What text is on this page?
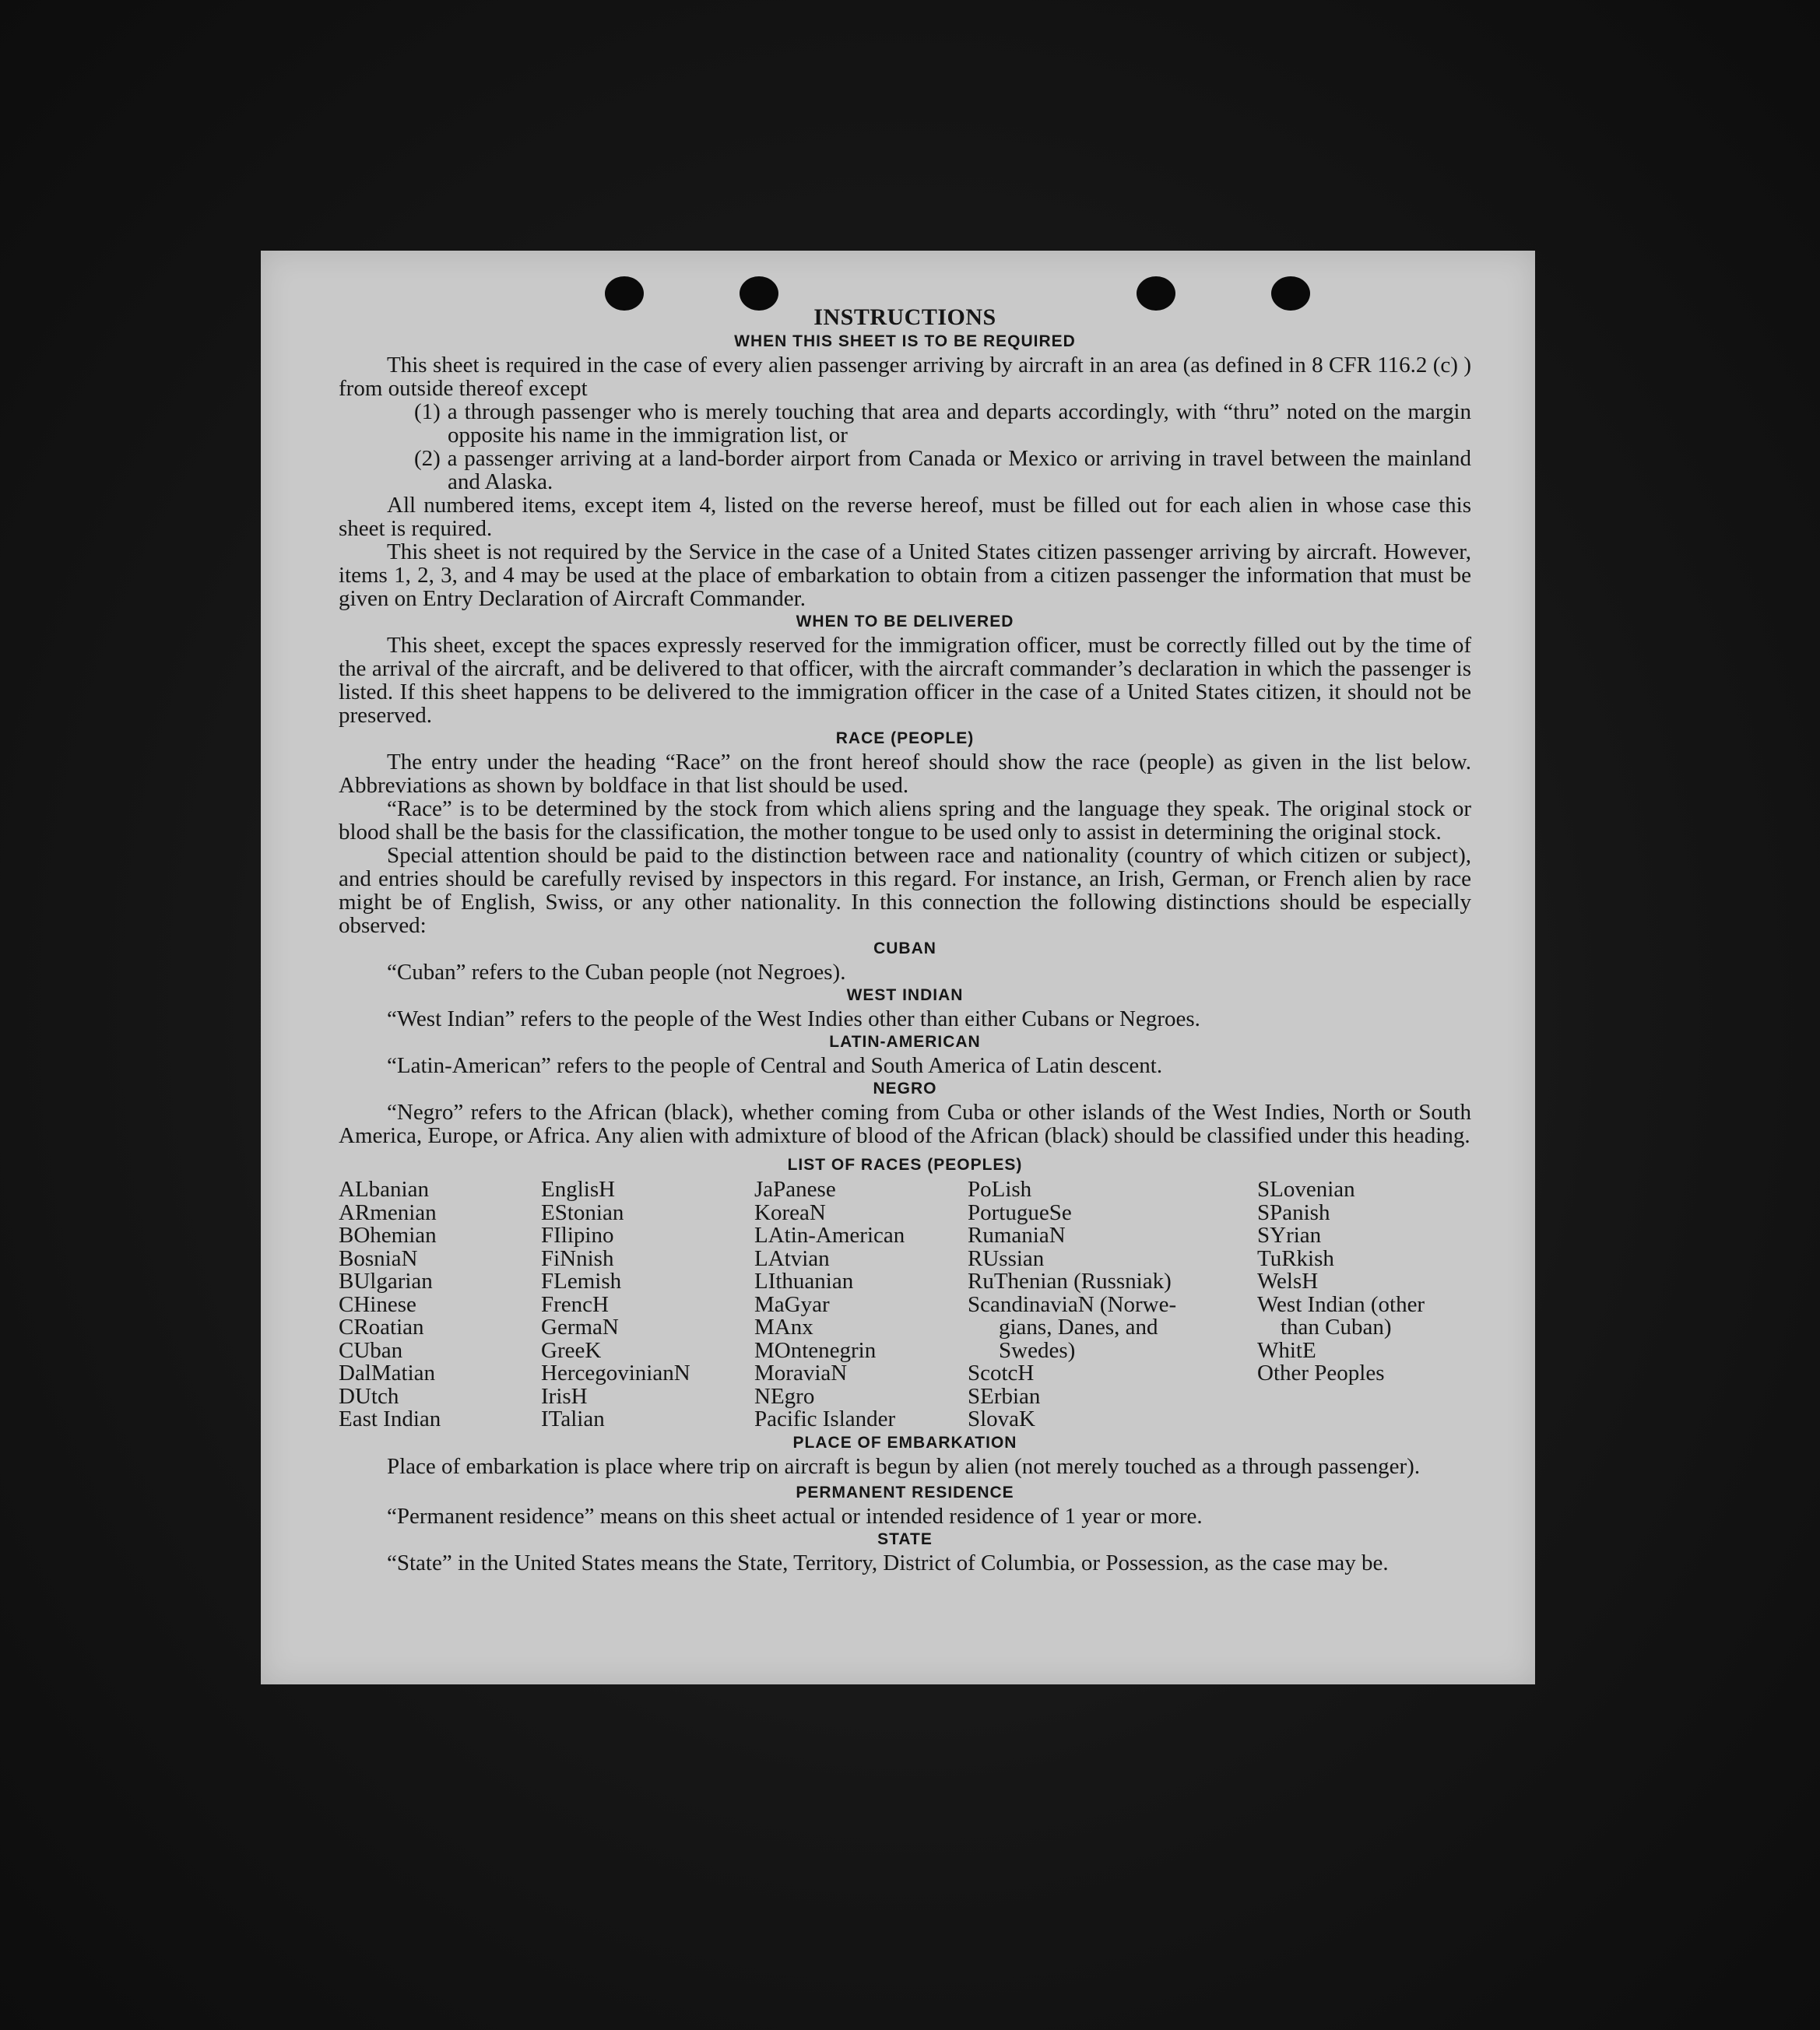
INSTRUCTIONS
WHEN THIS SHEET IS TO BE REQUIRED

This sheet is required in the case of every alien passenger arriving by aircraft in an area (as defined in 8 CFR 116.2 (c) ) from outside thereof except

(1) a through passenger who is merely touching that area and departs accordingly, with “thru” noted on the margin opposite his name in the immigration list, or

(2) a passenger arriving at a land-border airport from Canada or Mexico or arriving in travel between the mainland and Alaska.

All numbered items, except item 4, listed on the reverse hereof, must be filled out for each alien in whose case this sheet is required.

This sheet is not required by the Service in the case of a United States citizen passenger arriving by aircraft. However, items 1, 2, 3, and 4 may be used at the place of embarkation to obtain from a citizen passenger the information that must be given on Entry Declaration of Aircraft Commander.

WHEN TO BE DELIVERED

This sheet, except the spaces expressly reserved for the immigration officer, must be correctly filled out by the time of the arrival of the aircraft, and be delivered to that officer, with the aircraft commander’s declaration in which the passenger is listed. If this sheet happens to be delivered to the immigration officer in the case of a United States citizen, it should not be preserved.

RACE (PEOPLE)

The entry under the heading “Race” on the front hereof should show the race (people) as given in the list below. Abbreviations as shown by boldface in that list should be used.

“Race” is to be determined by the stock from which aliens spring and the language they speak. The original stock or blood shall be the basis for the classification, the mother tongue to be used only to assist in determining the original stock.

Special attention should be paid to the distinction between race and nationality (country of which citizen or subject), and entries should be carefully revised by inspectors in this regard. For instance, an Irish, German, or French alien by race might be of English, Swiss, or any other nationality. In this connection the following distinctions should be especially observed:

CUBAN

“Cuban” refers to the Cuban people (not Negroes).

WEST INDIAN

“West Indian” refers to the people of the West Indies other than either Cubans or Negroes.

LATIN-AMERICAN

“Latin-American” refers to the people of Central and South America of Latin descent.

NEGRO

“Negro” refers to the African (black), whether coming from Cuba or other islands of the West Indies, North or South America, Europe, or Africa. Any alien with admixture of blood of the African (black) should be classified under this heading.

LIST OF RACES (PEOPLES)
ALbanian
ARmenian
BOhemian
BosniaN
BUlgarian
CHinese
CRoatian
CUban
DalMatian
DUtch
East Indian
EnglisH
EStonian
FIlipino
FiNnish
FLemish
FrencH
GermaN
GreeK
HercegovinianN
IrisH
ITalian
JaPanese
KoreaN
LAtin-American
LAtvian
LIthuanian
MaGyar
MAnx
MOntenegrin
MoraviaN
NEgro
Pacific Islander
PoLish
PortugueSe
RumaniaN
RUssian
RuThenian (Russniak)
ScandinaviaN (Norwe-
gians, Danes, and
Swedes)
ScotcH
SErbian
SlovaK
SLovenian
SPanish
SYrian
TuRkish
WelsH
West Indian (other
than Cuban)
WhitE
Other Peoples
PLACE OF EMBARKATION

Place of embarkation is place where trip on aircraft is begun by alien (not merely touched as a through passenger).

PERMANENT RESIDENCE

“Permanent residence” means on this sheet actual or intended residence of 1 year or more.

STATE

“State” in the United States means the State, Territory, District of Columbia, or Possession, as the case may be.
